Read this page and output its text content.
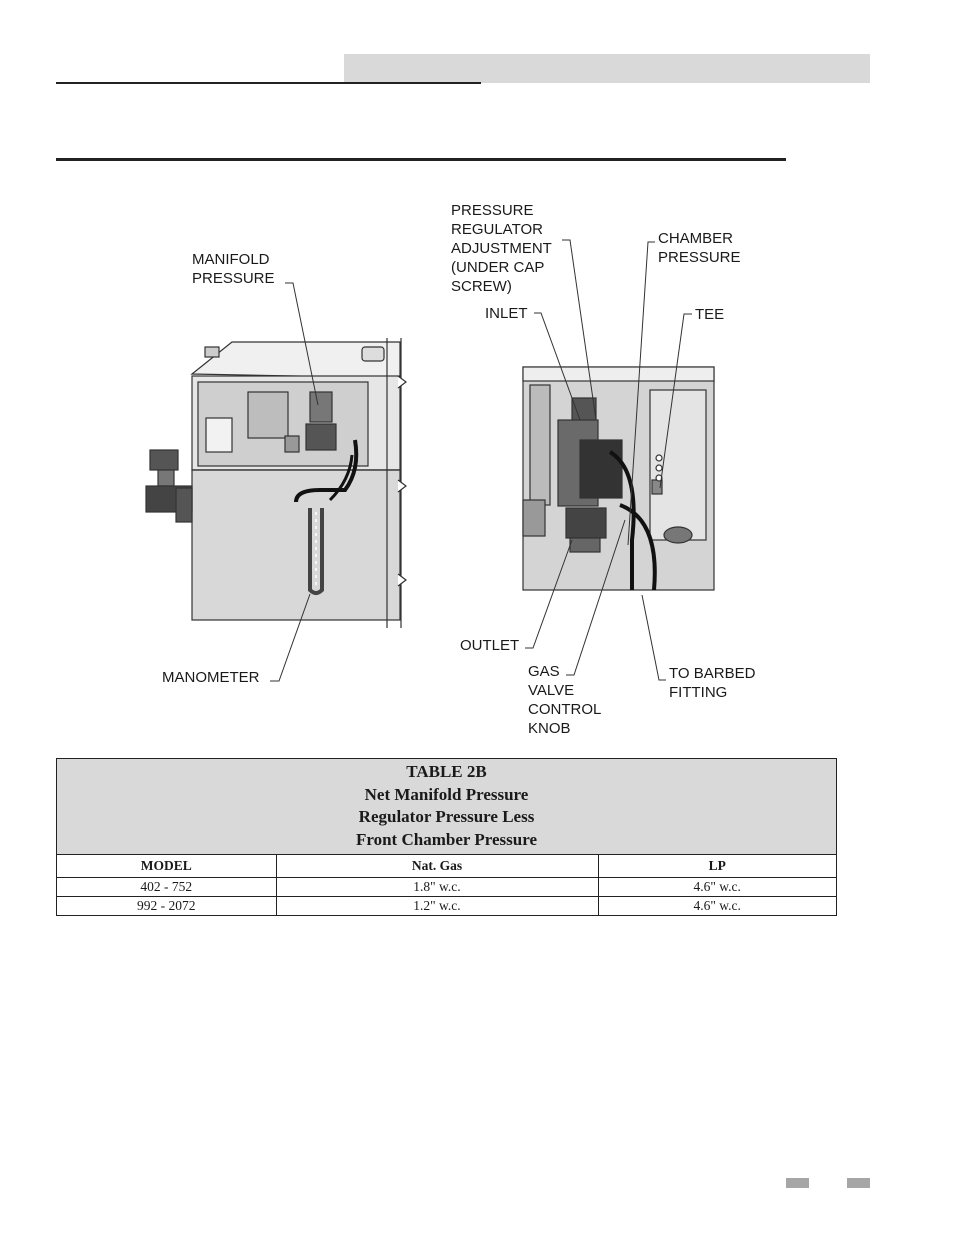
MANIFOLD
PRESSURE
MANOMETER
PRESSURE
REGULATOR
ADJUSTMENT
(UNDER CAP
SCREW)
CHAMBER
PRESSURE
INLET	TEE
OUTLET
GAS
VALVE
CONTROL
KNOB
TO BARBED
FITTING
TABLE 2B
Net Manifold Pressure
Regulator Pressure Less
Front Chamber Pressure
MODEL	Nat. Gas	LP
402 - 752	1.8" w.c.	4.6" w.c.
992 - 2072	1.2" w.c.	4.6" w.c.
